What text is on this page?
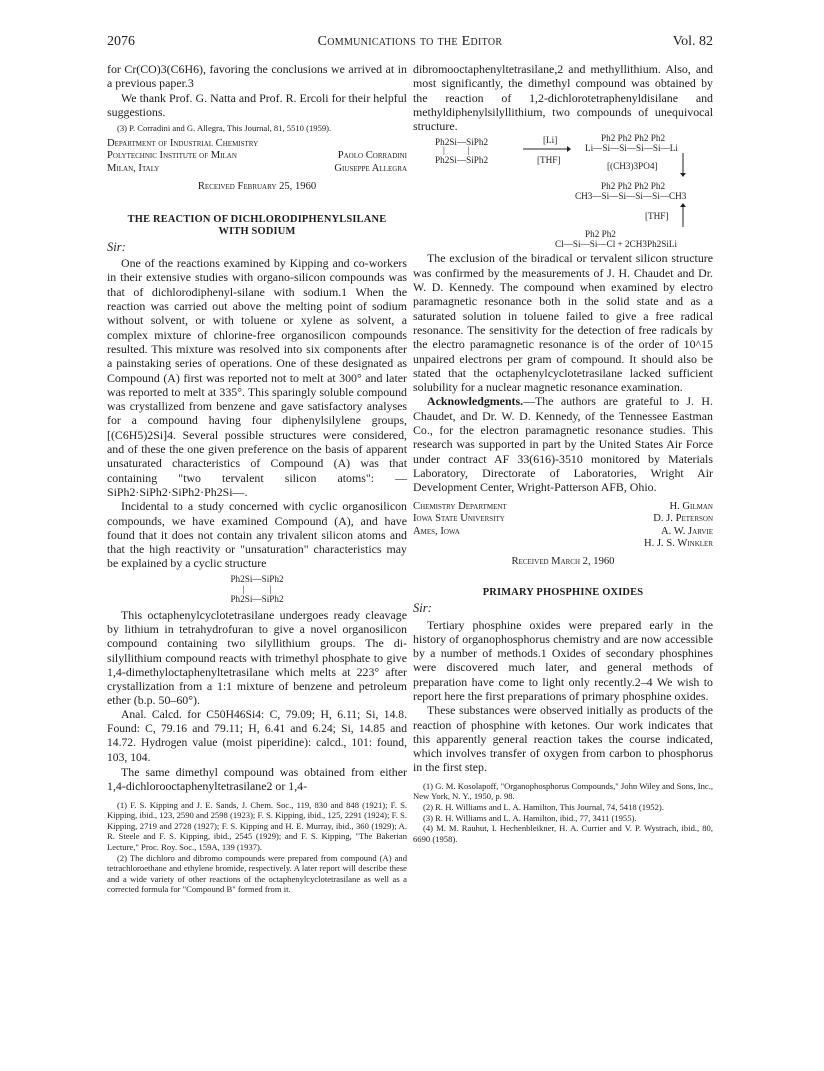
2076	Communications to the Editor	Vol. 82

for Cr(CO)3(C6H6), favoring the conclusions we arrived at in a previous paper.3

We thank Prof. G. Natta and Prof. R. Ercoli for their helpful suggestions.

(3) P. Corradini and G. Allegra, This Journal, 81, 5510 (1959).

Department of Industrial Chemistry
Polytechnic Institute of Milan	Paolo Corradini
Milan, Italy	Giuseppe Allegra

Received February 25, 1960

THE REACTION OF DICHLORODIPHENYLSILANE
WITH SODIUM

Sir:

One of the reactions examined by Kipping and co-workers in their extensive studies with organo-silicon compounds was that of dichlorodiphenyl-silane with sodium.1 When the reaction was carried out above the melting point of sodium without solvent, or with toluene or xylene as solvent, a complex mixture of chlorine-free organosilicon compounds resulted. This mixture was resolved into six components after a painstaking series of operations. One of these designated as Compound (A) first was reported not to melt at 300° and later was reported to melt at 335°. This sparingly soluble compound was crystallized from benzene and gave satisfactory analyses for a compound having four diphenylsilylene groups, [(C6H5)2Si]4. Several possible structures were considered, and of these the one given preference on the basis of apparent unsaturated characteristics of Compound (A) was that containing "two tervalent silicon atoms": —SiPh2·SiPh2·SiPh2·Ph2Si—.

Incidental to a study concerned with cyclic organosilicon compounds, we have examined Compound (A), and have found that it does not contain any trivalent silicon atoms and that the high reactivity or "unsaturation" characteristics may be explained by a cyclic structure

Ph2Si—SiPh2
|           |
Ph2Si—SiPh2

This octaphenylcyclotetrasilane undergoes ready cleavage by lithium in tetrahydrofuran to give a novel organosilicon compound containing two silyllithium groups. The di-silyllithium compound reacts with trimethyl phosphate to give 1,4-dimethyloctaphenyltetrasilane which melts at 223° after crystallization from a 1:1 mixture of benzene and petroleum ether (b.p. 50–60°).

Anal. Calcd. for C50H46Si4: C, 79.09; H, 6.11; Si, 14.8. Found: C, 79.16 and 79.11; H, 6.41 and 6.24; Si, 14.85 and 14.72. Hydrogen value (moist piperidine): calcd., 101: found, 103, 104.

The same dimethyl compound was obtained from either 1,4-dichlorooctaphenyltetrasilane2 or 1,4-

(1) F. S. Kipping and J. E. Sands, J. Chem. Soc., 119, 830 and 848 (1921); F. S. Kipping, ibid., 123, 2590 and 2598 (1923); F. S. Kipping, ibid., 125, 2291 (1924); F. S. Kipping, 2719 and 2728 (1927); F. S. Kipping and H. E. Murray, ibid., 360 (1929); A. R. Steele and F. S. Kipping, ibid., 2545 (1929); and F. S. Kipping, "The Bakerian Lecture," Proc. Roy. Soc., 159A, 139 (1937).

(2) The dichloro and dibromo compounds were prepared from compound (A) and tetrachloroethane and ethylene bromide, respectively. A later report will describe these and a wide variety of other reactions of the octaphenylcyclotetrasilane as well as a corrected formula for "Compound B" formed from it.

dibromooctaphenyltetrasilane,2 and methyllithium. Also, and most significantly, the dimethyl compound was obtained by the reaction of 1,2-dichlorotetraphenyldisilane and methyldiphenylsilyllithium, two compounds of unequivocal structure.

Ph2Si—SiPh2
|          |
Ph2Si—SiPh2
[Li]
[THF]
Ph2 Ph2 Ph2 Ph2
Li—Si—Si—Si—Si—Li
[(CH3)3PO4]
Ph2 Ph2 Ph2 Ph2
CH3—Si—Si—Si—Si—CH3
[THF]
Ph2 Ph2
Cl—Si—Si—Cl + 2CH3Ph2SiLi

The exclusion of the biradical or tervalent silicon structure was confirmed by the measurements of J. H. Chaudet and Dr. W. D. Kennedy. The compound when examined by electro paramagnetic resonance both in the solid state and as a saturated solution in toluene failed to give a free radical resonance. The sensitivity for the detection of free radicals by the electro paramagnetic resonance is of the order of 10^15 unpaired electrons per gram of compound. It should also be stated that the octaphenylcyclotetrasilane lacked sufficient solubility for a nuclear magnetic resonance examination.

Acknowledgments.—The authors are grateful to J. H. Chaudet, and Dr. W. D. Kennedy, of the Tennessee Eastman Co., for the electron paramagnetic resonance studies. This research was supported in part by the United States Air Force under contract AF 33(616)-3510 monitored by Materials Laboratory, Directorate of Laboratories, Wright Air Development Center, Wright-Patterson AFB, Ohio.

Chemistry Department	H. Gilman
Iowa State University	D. J. Peterson
Ames, Iowa	A. W. Jarvie
H. J. S. Winkler

Received March 2, 1960

PRIMARY PHOSPHINE OXIDES

Sir:

Tertiary phosphine oxides were prepared early in the history of organophosphorus chemistry and are now accessible by a number of methods.1 Oxides of secondary phosphines were discovered much later, and general methods of preparation have come to light only recently.2–4 We wish to report here the first preparations of primary phosphine oxides.

These substances were observed initially as products of the reaction of phosphine with ketones. Our work indicates that this apparently general reaction takes the course indicated, which involves transfer of oxygen from carbon to phosphorus in the first step.

(1) G. M. Kosolapoff, "Organophosphorus Compounds," John Wiley and Sons, Inc., New York, N. Y., 1950, p. 98.

(2) R. H. Williams and L. A. Hamilton, This Journal, 74, 5418 (1952).

(3) R. H. Williams and L. A. Hamilton, ibid., 77, 3411 (1955).

(4) M. M. Rauhut, I. Hechenbleikner, H. A. Currier and V. P. Wystrach, ibid., 80, 6690 (1958).
